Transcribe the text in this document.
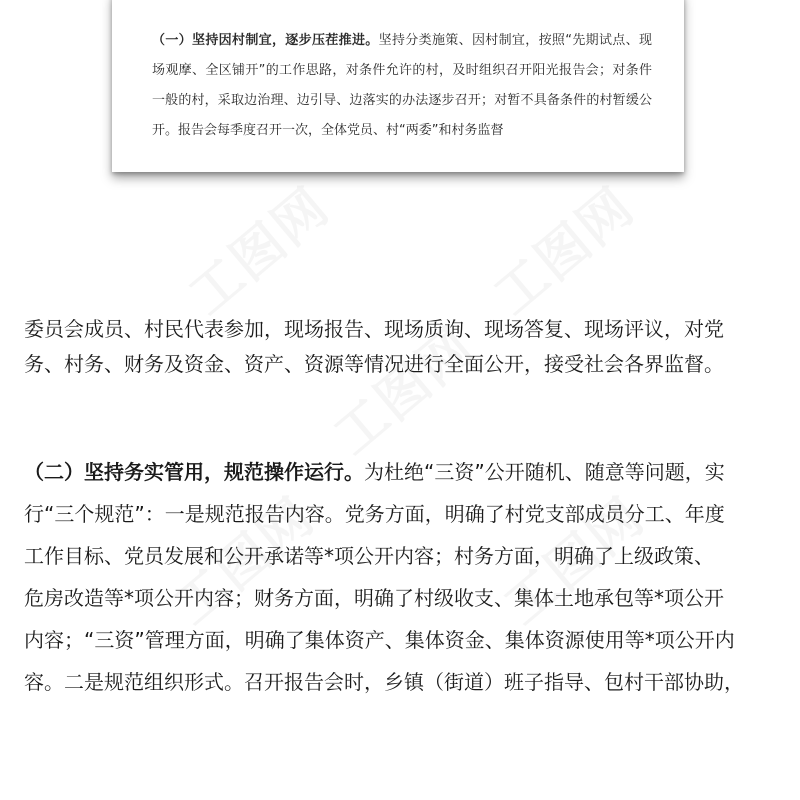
（一）坚持因村制宜，逐步压茬推进。坚持分类施策、因村制宜，按照“先期试点、现场观摩、全区铺开”的工作思路，对条件允许的村，及时组织召开阳光报告会；对条件一般的村，采取边治理、边引导、边落实的办法逐步召开；对暂不具备条件的村暂缓公开。报告会每季度召开一次，全体党员、村“两委”和村务监督

工图网	工图网
工图网
工图网	工图网
委员会成员、村民代表参加，现场报告、现场质询、现场答复、现场评议，对党
务、村务、财务及资金、资产、资源等情况进行全面公开，接受社会各界监督。
（二）坚持务实管用，规范操作运行。为杜绝“三资”公开随机、随意等问题，实
行“三个规范”：一是规范报告内容。党务方面，明确了村党支部成员分工、年度
工作目标、党员发展和公开承诺等*项公开内容；村务方面，明确了上级政策、
危房改造等*项公开内容；财务方面，明确了村级收支、集体土地承包等*项公开
内容；“三资”管理方面，明确了集体资产、集体资金、集体资源使用等*项公开内
容。二是规范组织形式。召开报告会时，乡镇（街道）班子指导、包村干部协助，
